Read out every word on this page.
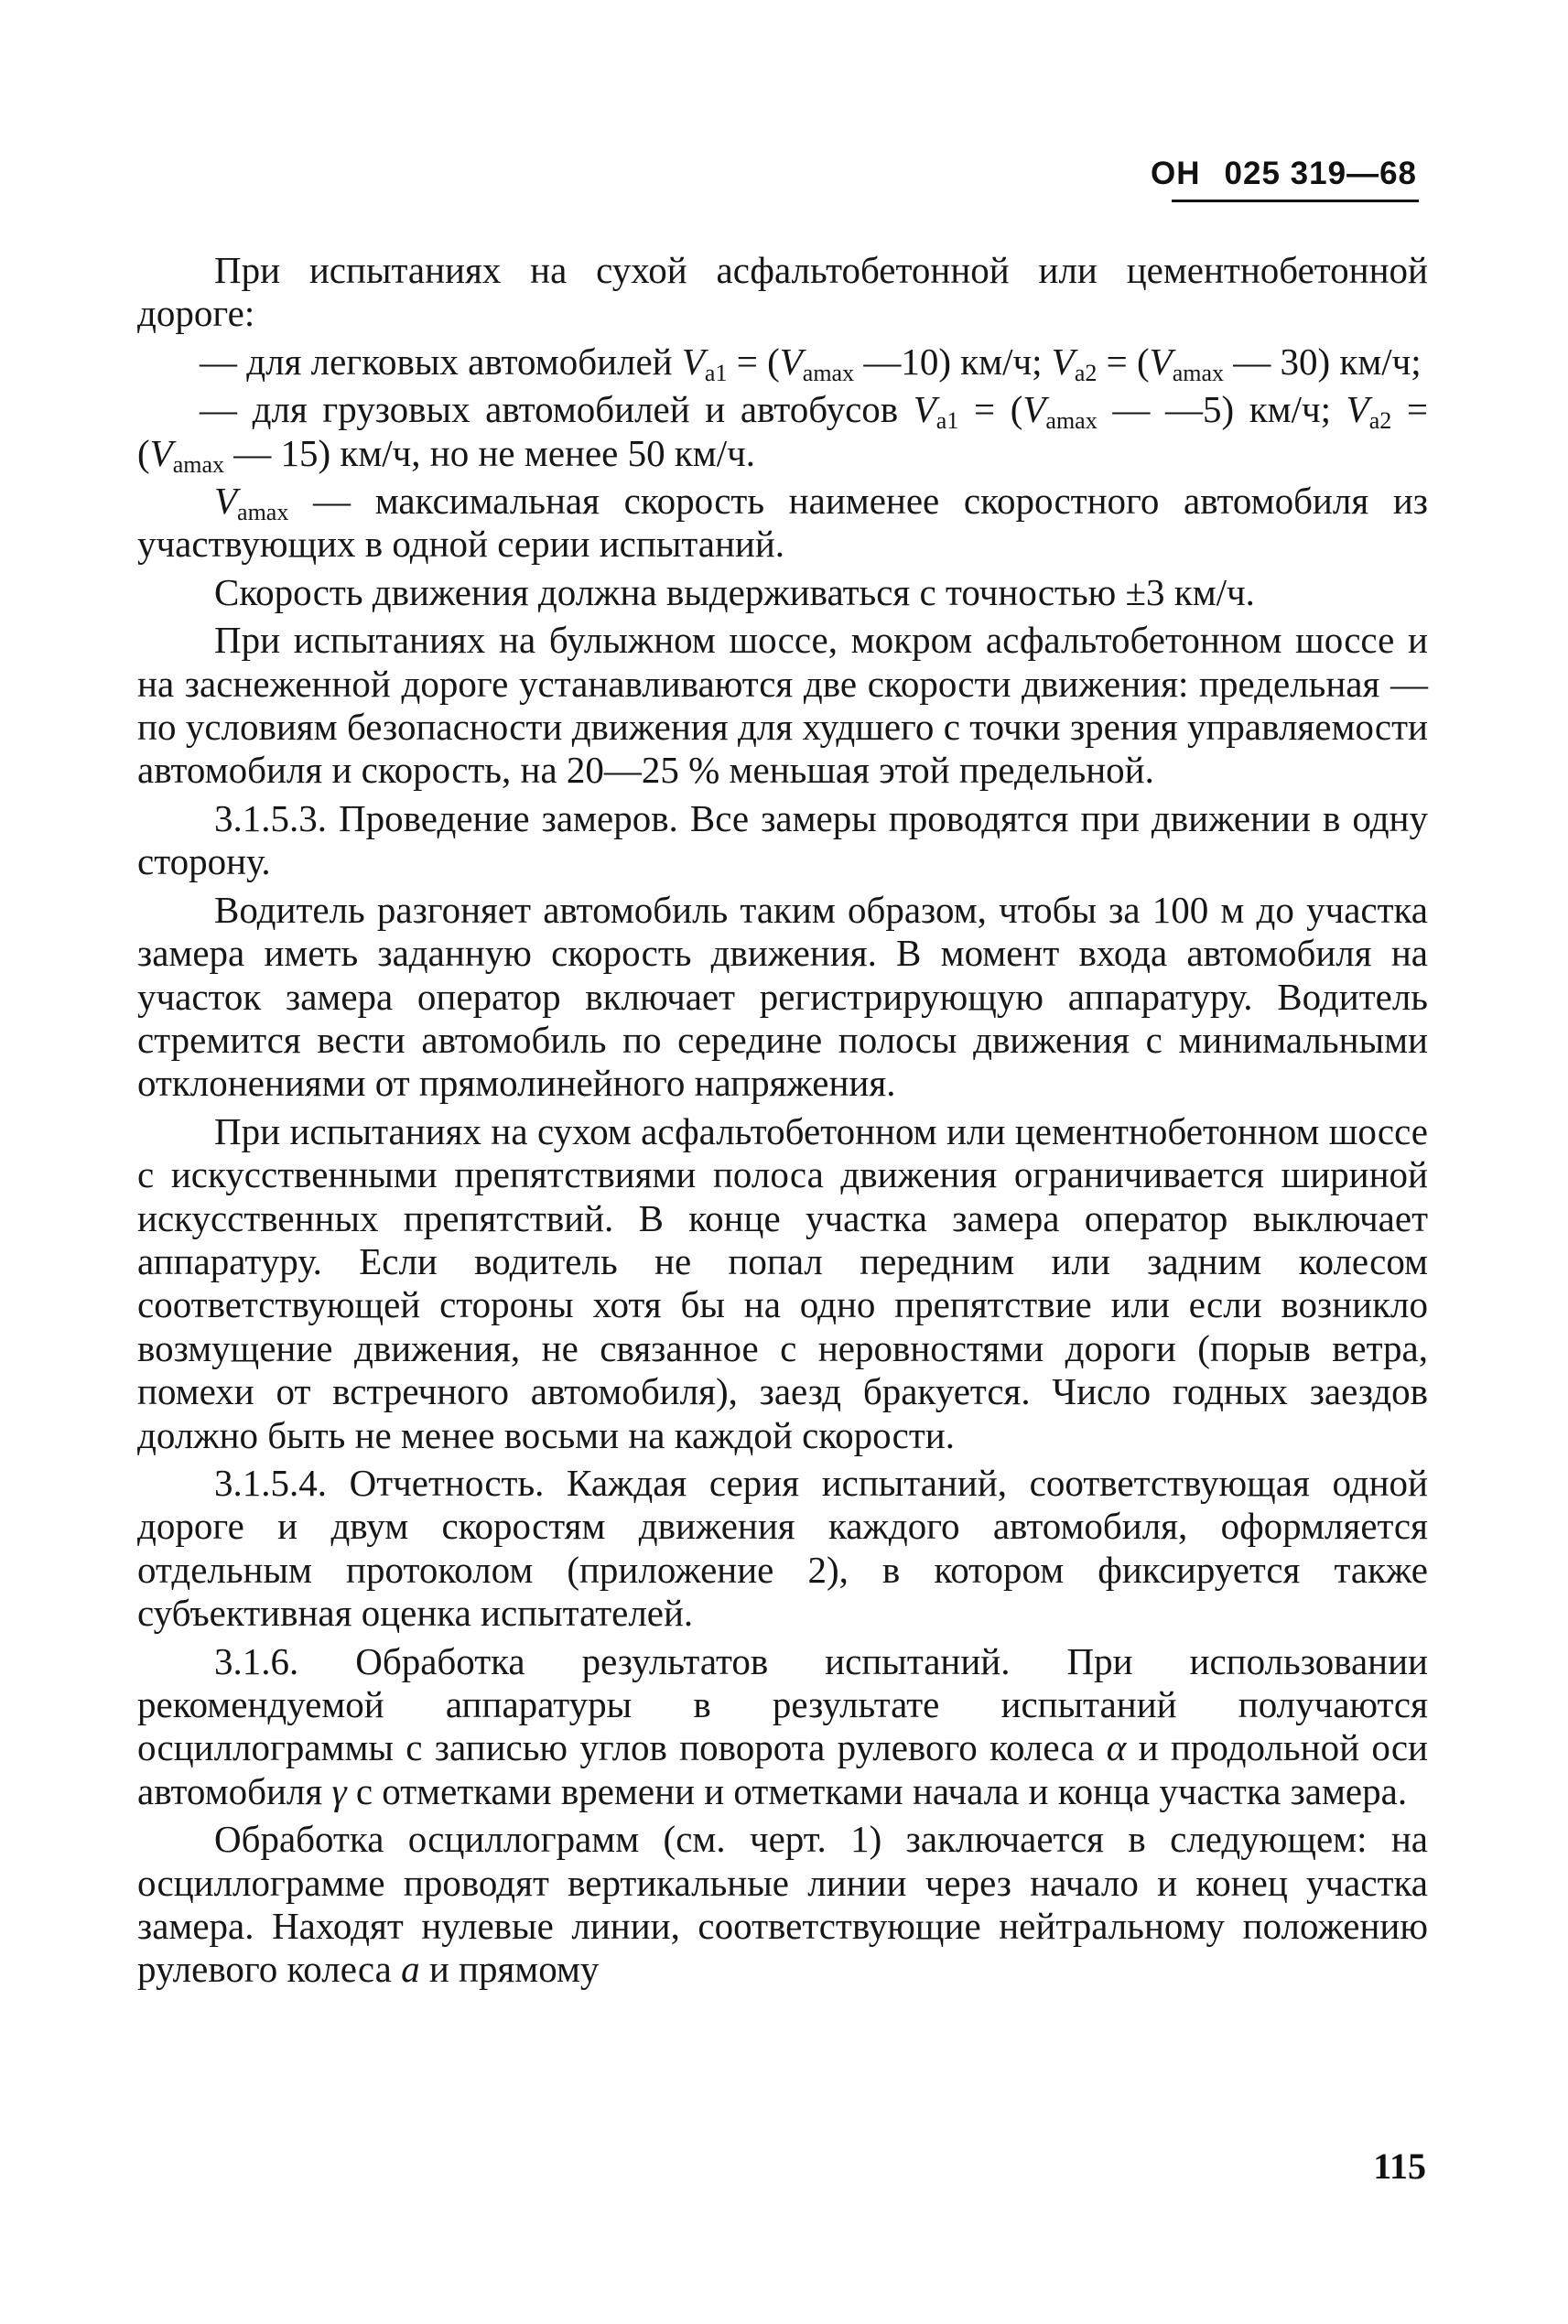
ОН 025 319—68

При испытаниях на сухой асфальтобетонной или цементнобетонной дороге:

— для легковых автомобилей $V_{a1} = (V_{amax}$ —10) км/ч; $V_{a2} = (V_{amax}$ — 30) км/ч;

— для грузовых автомобилей и автобусов $V_{a1} = (V_{amax}$ — —5) км/ч; $V_{a2} = (V_{amax}$ — 15) км/ч, но не менее 50 км/ч.

$V_{amax}$ — максимальная скорость наименее скоростного автомобиля из участвующих в одной серии испытаний.

Скорость движения должна выдерживаться с точностью ±3 км/ч.

При испытаниях на булыжном шоссе, мокром асфальтобетонном шоссе и на заснеженной дороге устанавливаются две скорости движения: предельная — по условиям безопасности движения для худшего с точки зрения управляемости автомобиля и скорость, на 20—25 % меньшая этой предельной.

3.1.5.3. Проведение замеров. Все замеры проводятся при движении в одну сторону.

Водитель разгоняет автомобиль таким образом, чтобы за 100 м до участка замера иметь заданную скорость движения. В момент входа автомобиля на участок замера оператор включает регистрирующую аппаратуру. Водитель стремится вести автомобиль по середине полосы движения с минимальными отклонениями от прямолинейного напряжения.

При испытаниях на сухом асфальтобетонном или цементнобетонном шоссе с искусственными препятствиями полоса движения ограничивается шириной искусственных препятствий. В конце участка замера оператор выключает аппаратуру. Если водитель не попал передним или задним колесом соответствующей стороны хотя бы на одно препятствие или если возникло возмущение движения, не связанное с неровностями дороги (порыв ветра, помехи от встречного автомобиля), заезд бракуется. Число годных заездов должно быть не менее восьми на каждой скорости.

3.1.5.4. Отчетность. Каждая серия испытаний, соответствующая одной дороге и двум скоростям движения каждого автомобиля, оформляется отдельным протоколом (приложение 2), в котором фиксируется также субъективная оценка испытателей.

3.1.6. Обработка результатов испытаний. При использовании рекомендуемой аппаратуры в результате испытаний получаются осциллограммы с записью углов поворота рулевого колеса α и продольной оси автомобиля γ с отметками времени и отметками начала и конца участка замера.

Обработка осциллограмм (см. черт. 1) заключается в следующем: на осциллограмме проводят вертикальные линии через начало и конец участка замера. Находят нулевые линии, соответствующие нейтральному положению рулевого колеса a и прямому

115
